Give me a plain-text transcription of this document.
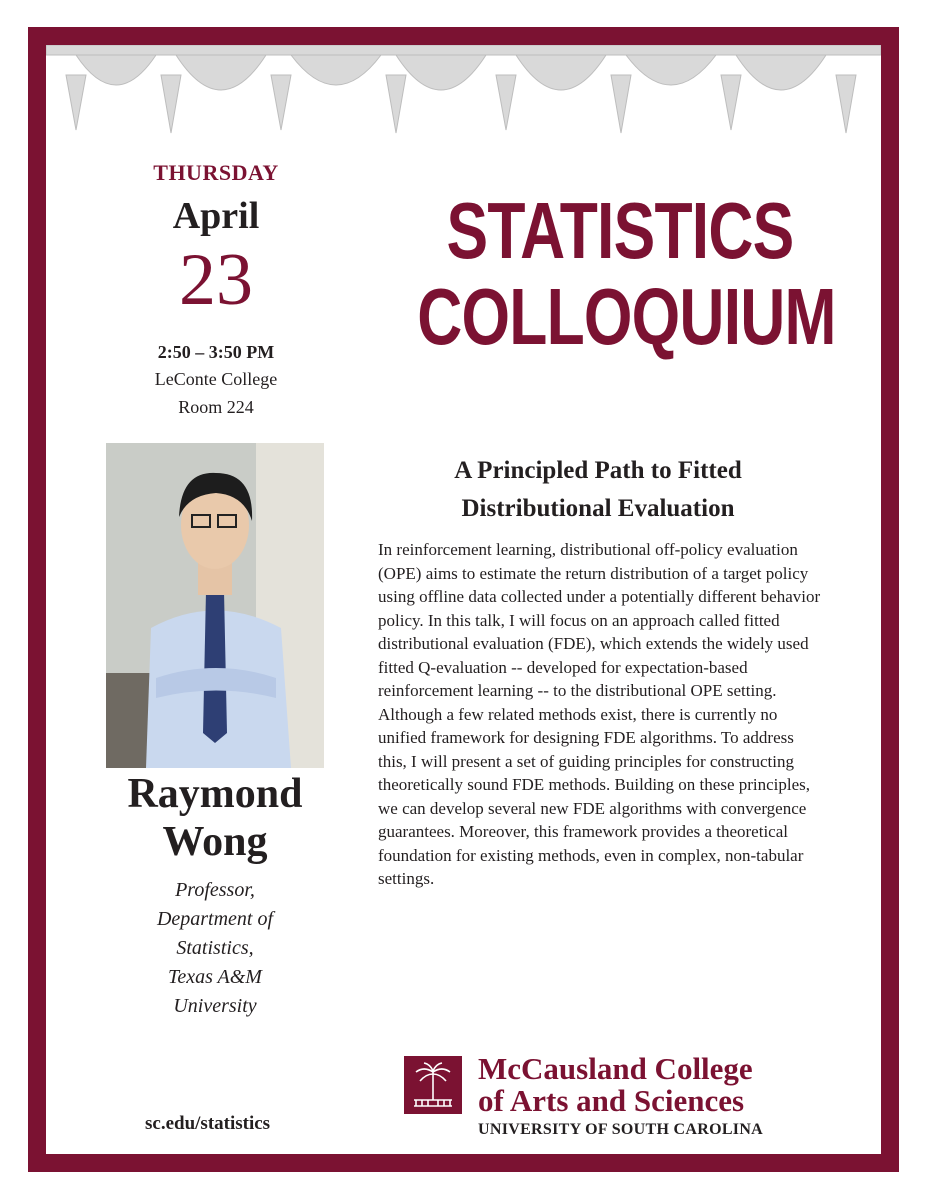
THURSDAY
April
23
2:50 – 3:50 PM
LeConte College
Room 224
STATISTICS
COLLOQUIUM
Raymond
Wong
Professor,
Department of
Statistics,
Texas A&M
University
A Principled Path to Fitted
Distributional Evaluation
In reinforcement learning, distributional off-policy evaluation (OPE) aims to estimate the return distribution of a target policy using offline data collected under a potentially different behavior policy. In this talk, I will focus on an approach called fitted distributional evaluation (FDE), which extends the widely used fitted Q-evaluation -- developed for expectation-based reinforcement learning -- to the distributional OPE setting. Although a few related methods exist, there is currently no unified framework for designing FDE algorithms. To address this, I will present a set of guiding principles for constructing theoretically sound FDE methods. Building on these principles, we can develop several new FDE algorithms with convergence guarantees. Moreover, this framework provides a theoretical foundation for existing methods, even in complex, non-tabular settings.
sc.edu/statistics
McCausland College
of Arts and Sciences
UNIVERSITY OF SOUTH CAROLINA
